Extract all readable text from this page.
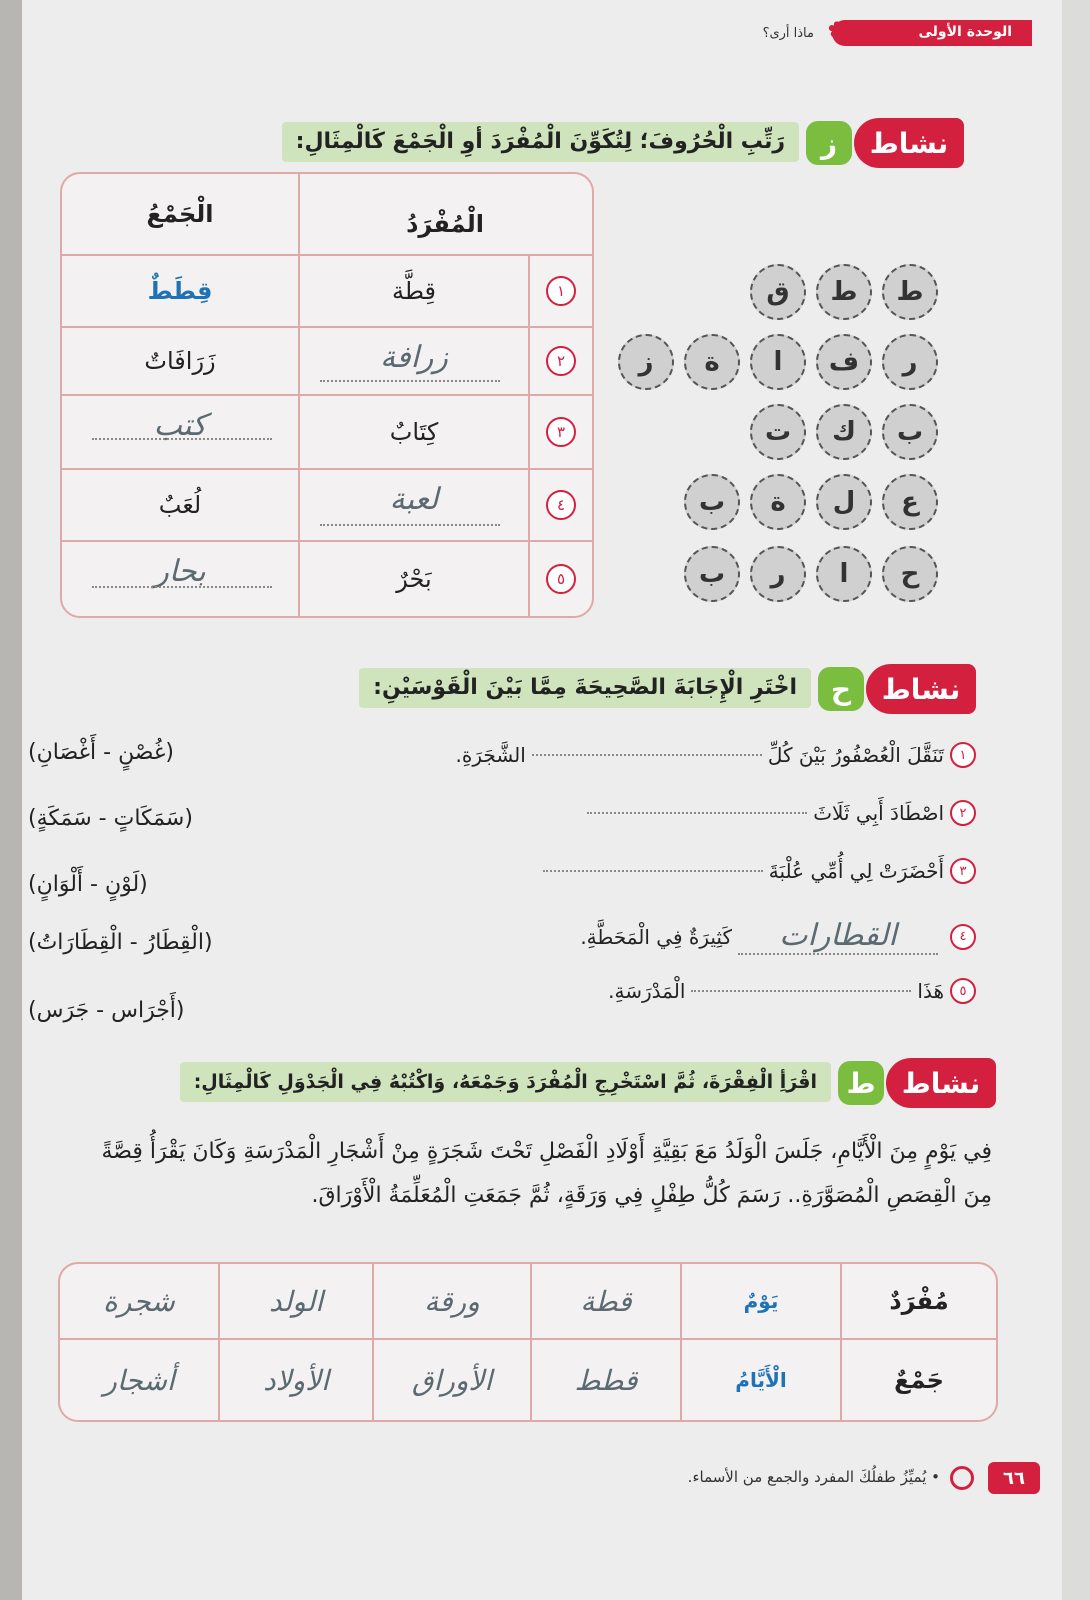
الوحدة الأولى
✿
ماذا أرى؟
نشاط
ز
رَتِّبِ الْحُرُوفَ؛ لِتُكَوِّنَ الْمُفْرَدَ أوِ الْجَمْعَ كَالْمِثَالِ:
الْجَمْعُ	الْمُفْرَدُ
١
قِطَّة
قِطَطٌ
٢
زرافة
زَرَافَاتٌ
٣
كِتَابٌ
كتب
٤
لعبة
لُعَبٌ
٥
بَحْرٌ
بحار
ط
ط
ق
ر
ف
ا
ة
ز
ب
ك
ت
ع
ل
ة
ب
ح
ا
ر
ب
نشاط
ح
اخْتَرِ الْإِجَابَةَ الصَّحِيحَةَ مِمَّا بَيْنَ الْقَوْسَيْنِ:
١
تَنَقَّلَ الْعُصْفُورُ بَيْنَ كُلِّ
الشَّجَرَةِ.
(غُصْنٍ - أَغْصَانِ)
٢
اصْطَادَ أَبِي ثَلَاثَ
(سَمَكَاتٍ - سَمَكَةٍ)
٣
أَحْضَرَتْ لِي أُمِّي عُلْبَةَ
(لَوْنٍ - أَلْوَانٍ)
٤
القطارات
كَثِيرَةٌ فِي الْمَحَطَّةِ.
(الْقِطَارُ - الْقِطَارَاتُ)
٥
هَذَا
الْمَدْرَسَةِ.
(أَجْرَاس - جَرَس)
نشاط
ط
اقْرَأِ الْفِقْرَةَ، ثُمَّ اسْتَخْرِجِ الْمُفْرَدَ وَجَمْعَهُ، وَاكْتُبْهُ فِي الْجَدْوَلِ كَالْمِثَالِ:
فِي يَوْمٍ مِنَ الْأَيَّامِ، جَلَسَ الْوَلَدُ مَعَ بَقِيَّةِ أَوْلَادِ الْفَصْلِ تَحْتَ شَجَرَةٍ مِنْ أَشْجَارِ الْمَدْرَسَةِ وَكَانَ يَقْرَأُ قِصَّةً مِنَ الْقِصَصِ الْمُصَوَّرَةِ.. رَسَمَ كُلُّ طِفْلٍ فِي وَرَقَةٍ، ثُمَّ جَمَعَتِ الْمُعَلِّمَةُ الْأَوْرَاقَ.
مُفْرَدٌ
جَمْعٌ
يَوْمٌ
قطة
ورقة
الولد
شجرة
الْأَيَّامُ
قطط
الأوراق
الأولاد
أشجار
٦٦
• يُميِّزُ طفلُكَ المفرد والجمع من الأسماء.
